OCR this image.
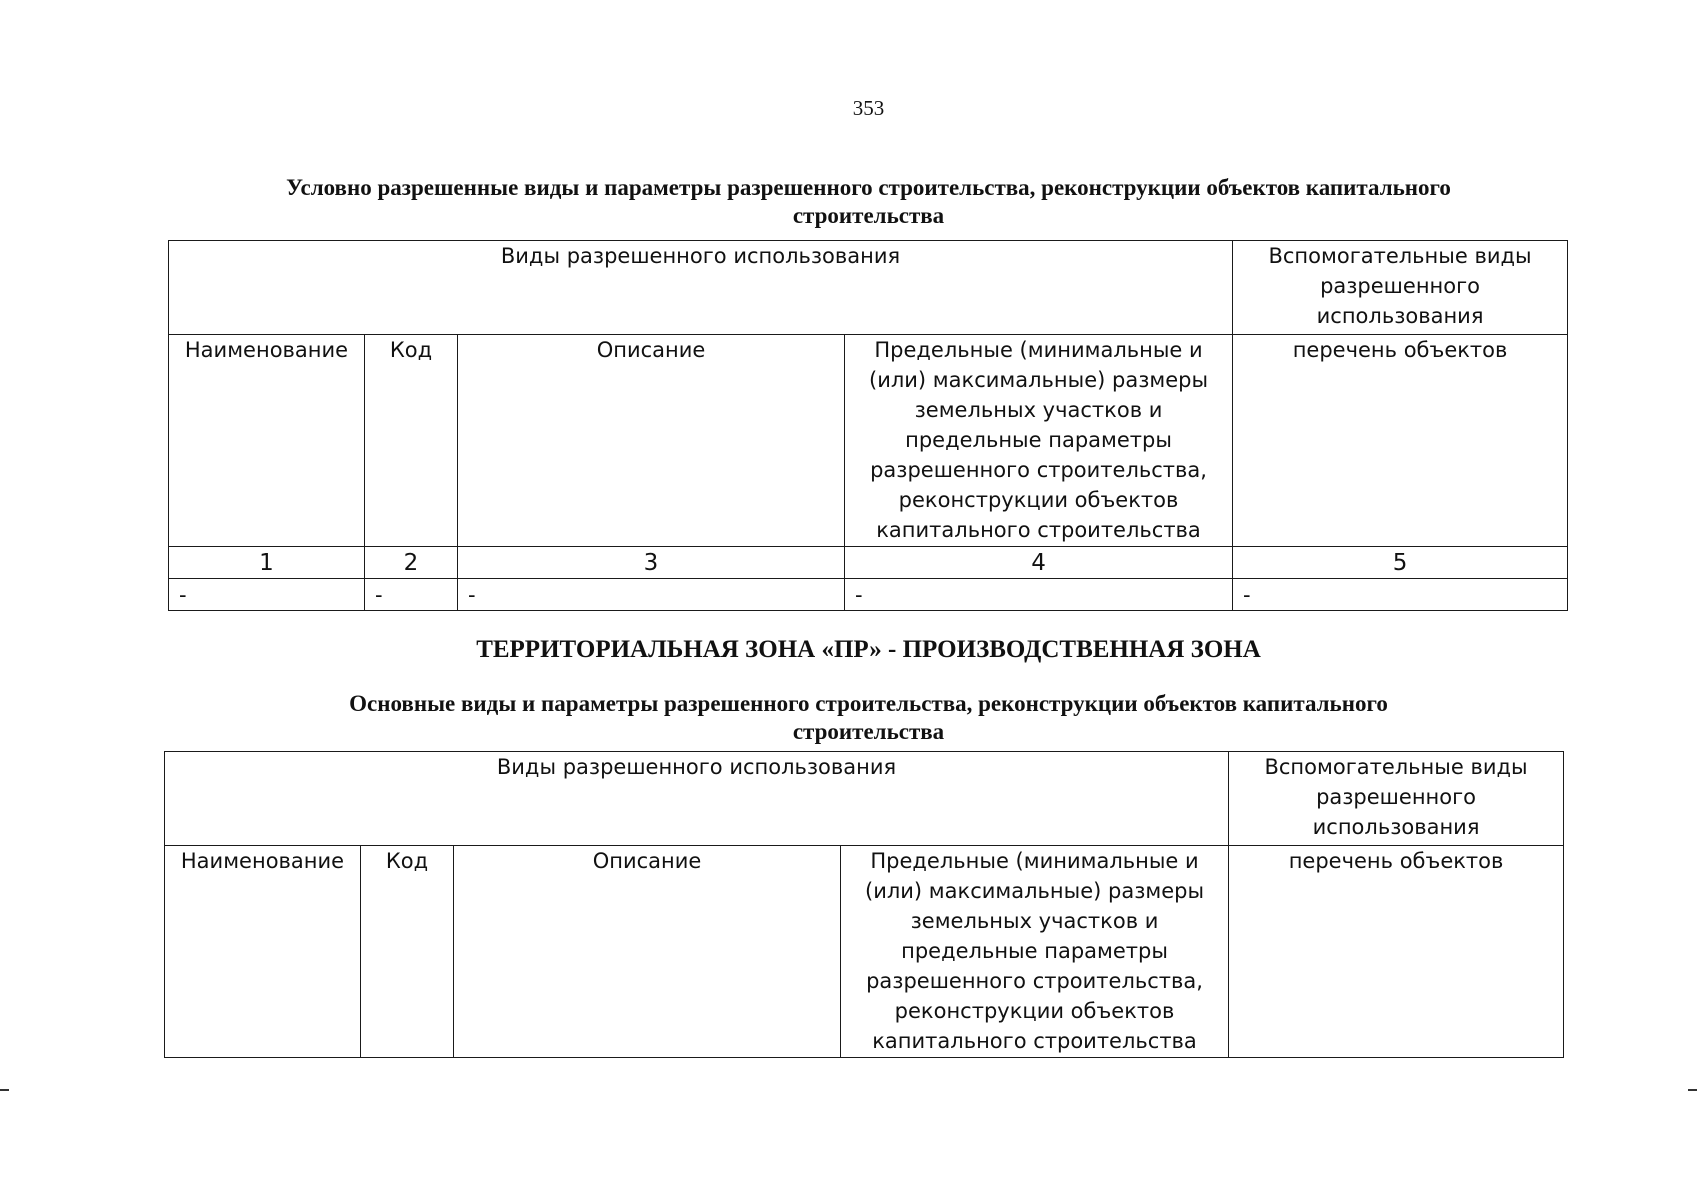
353
Условно разрешенные виды и параметры разрешенного строительства, реконструкции объектов капитального
строительства
Виды разрешенного использования				Вспомогательные виды разрешенного использования
Наименование	Код	Описание	Предельные (минимальные и (или) максимальные) размеры земельных участков и предельные параметры разрешенного строительства, реконструкции объектов капитального строительства	перечень объектов
1	2	3	4	5
-	-	-	-	-
ТЕРРИТОРИАЛЬНАЯ ЗОНА «ПР» - ПРОИЗВОДСТВЕННАЯ ЗОНА
Основные виды и параметры разрешенного строительства, реконструкции объектов капитального
строительства
Виды разрешенного использования				Вспомогательные виды разрешенного использования
Наименование	Код	Описание	Предельные (минимальные и (или) максимальные) размеры земельных участков и предельные параметры разрешенного строительства, реконструкции объектов капитального строительства	перечень объектов
